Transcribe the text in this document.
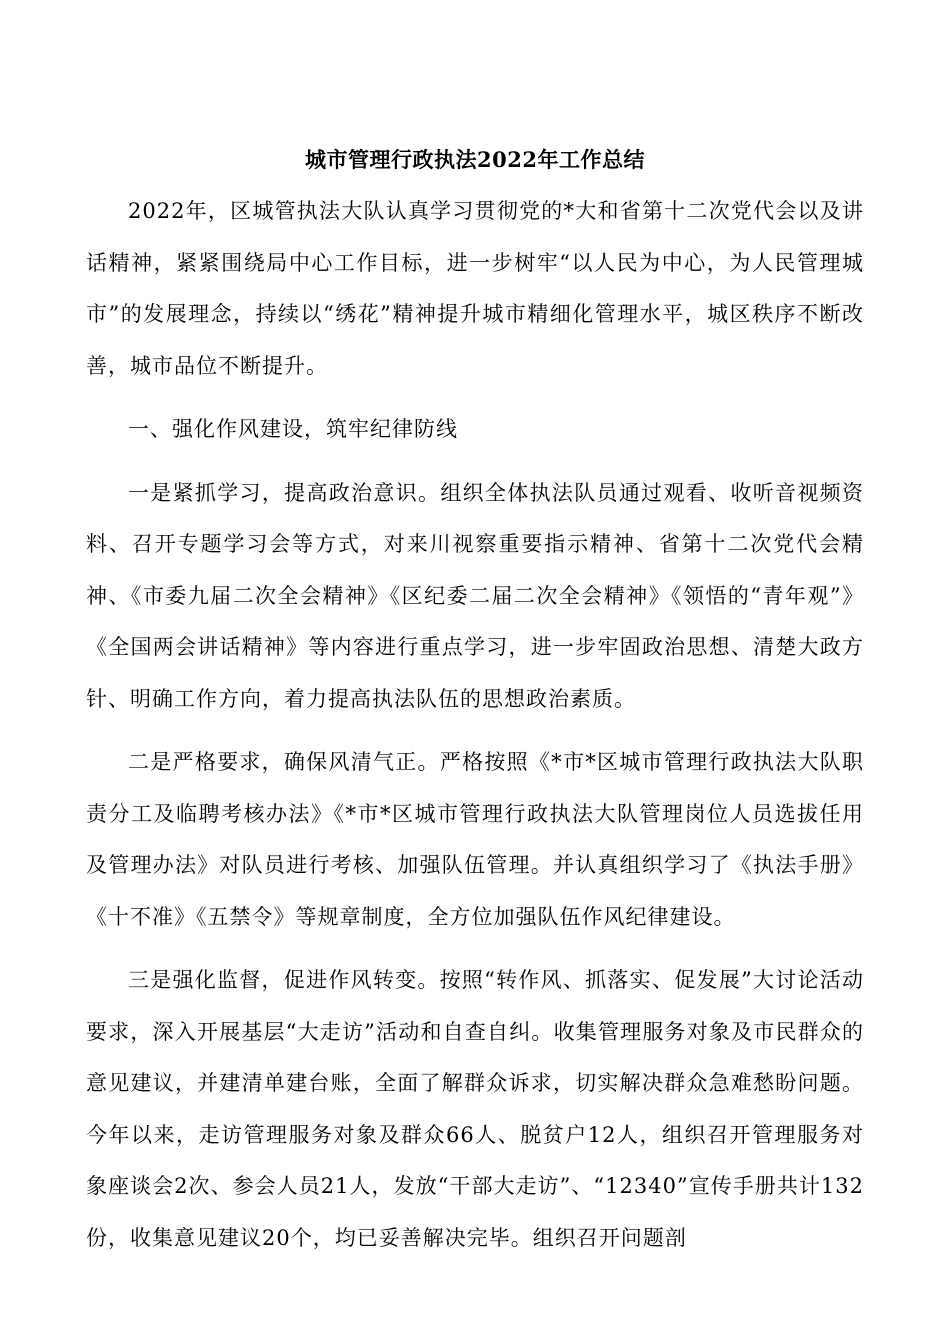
城市管理行政执法2022年工作总结

2022年，区城管执法大队认真学习贯彻党的*大和省第十二次党代会以及讲话精神，紧紧围绕局中心工作目标，进一步树牢“以人民为中心，为人民管理城市”的发展理念，持续以“绣花”精神提升城市精细化管理水平，城区秩序不断改善，城市品位不断提升。

一、强化作风建设，筑牢纪律防线

一是紧抓学习，提高政治意识。组织全体执法队员通过观看、收听音视频资料、召开专题学习会等方式，对来川视察重要指示精神、省第十二次党代会精神、《市委九届二次全会精神》《区纪委二届二次全会精神》《领悟的“青年观”》《全国两会讲话精神》等内容进行重点学习，进一步牢固政治思想、清楚大政方针、明确工作方向，着力提高执法队伍的思想政治素质。

二是严格要求，确保风清气正。严格按照《*市*区城市管理行政执法大队职责分工及临聘考核办法》《*市*区城市管理行政执法大队管理岗位人员选拔任用及管理办法》对队员进行考核、加强队伍管理。并认真组织学习了《执法手册》《十不准》《五禁令》等规章制度，全方位加强队伍作风纪律建设。

三是强化监督，促进作风转变。按照“转作风、抓落实、促发展”大讨论活动要求，深入开展基层“大走访”活动和自查自纠。收集管理服务对象及市民群众的意见建议，并建清单建台账，全面了解群众诉求，切实解决群众急难愁盼问题。今年以来，走访管理服务对象及群众66人、脱贫户12人，组织召开管理服务对象座谈会2次、参会人员21人，发放“干部大走访”、“12340”宣传手册共计132份，收集意见建议20个，均已妥善解决完毕。组织召开问题剖
